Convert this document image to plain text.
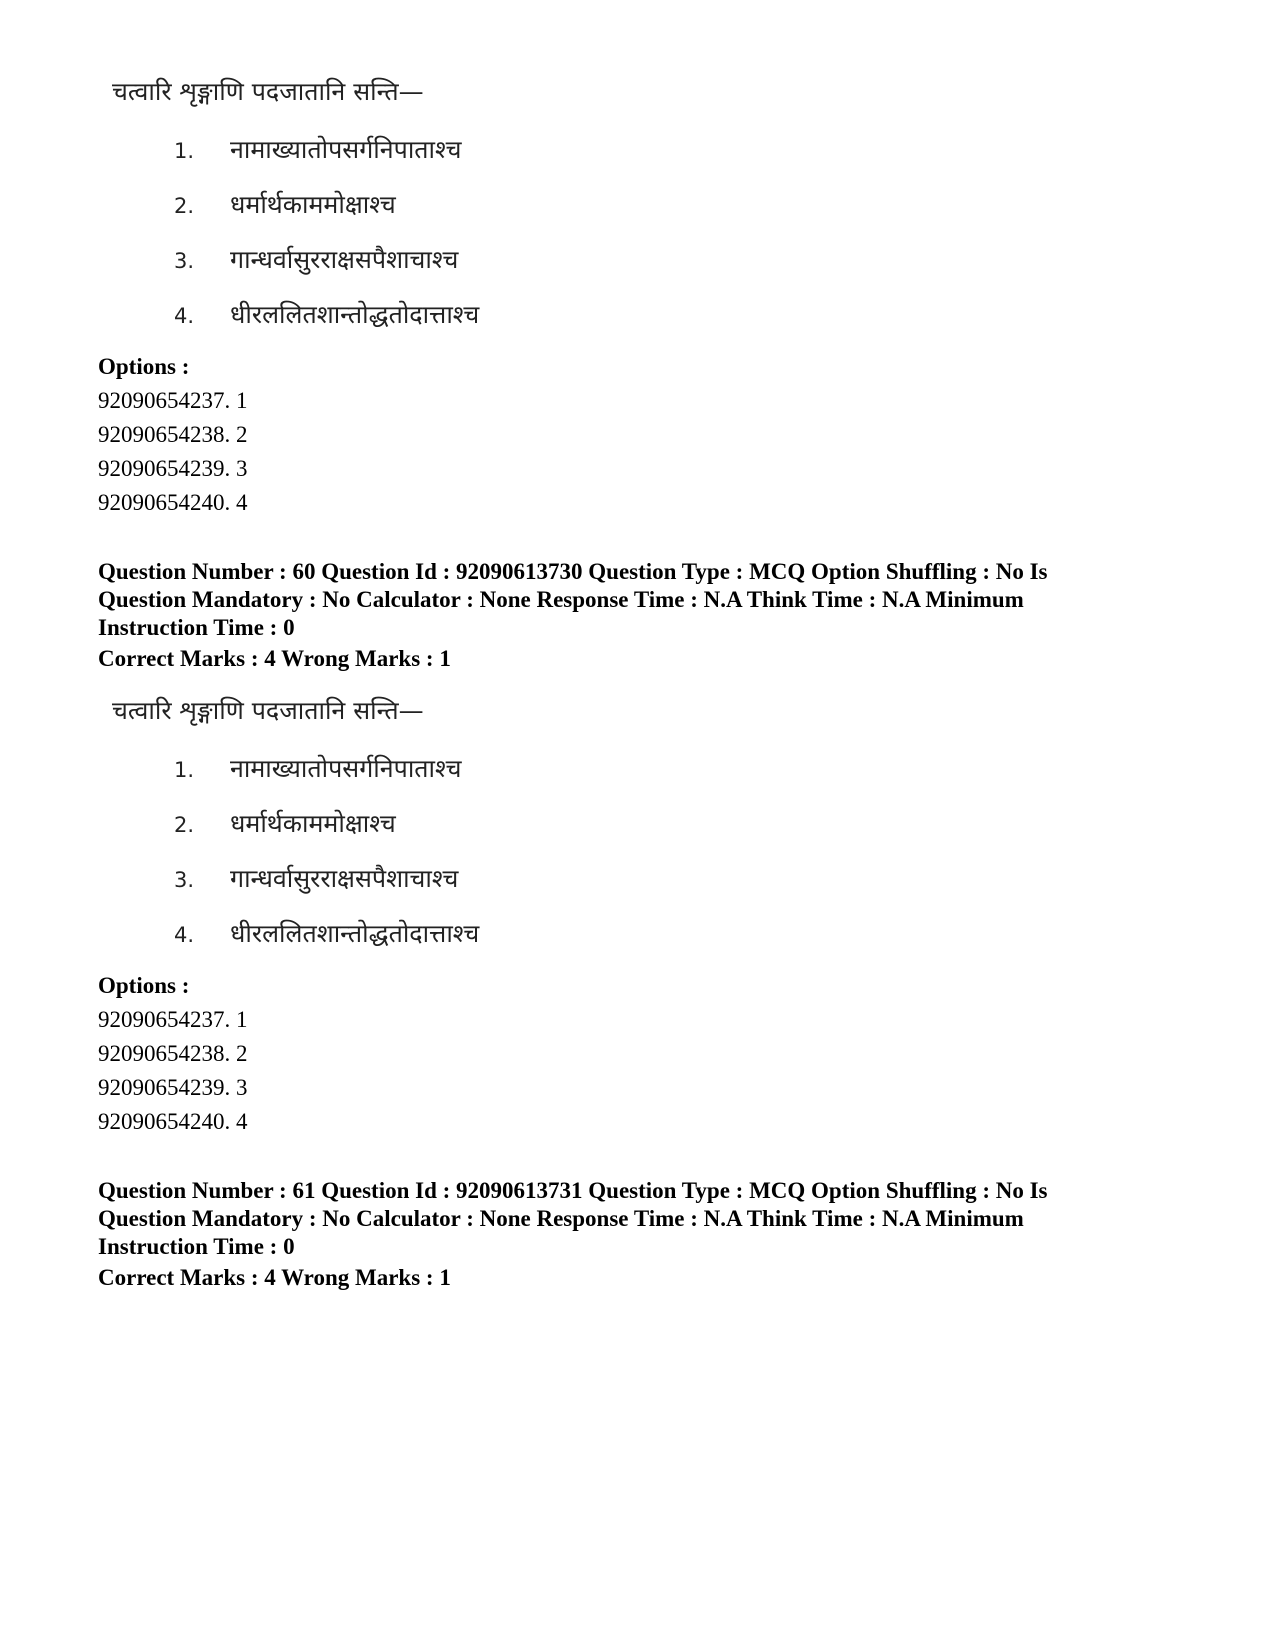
चत्वारि शृङ्गाणि पदजातानि सन्ति—
1. नामाख्यातोपसर्गनिपाताश्च
2. धर्मार्थकाममोक्षाश्च
3. गान्धर्वासुरराक्षसपैशाचाश्च
4. धीरललितशान्तोद्धतोदात्ताश्च
Options :
92090654237. 1
92090654238. 2
92090654239. 3
92090654240. 4
Question Number : 60 Question Id : 92090613730 Question Type : MCQ Option Shuffling : No Is
Question Mandatory : No Calculator : None Response Time : N.A Think Time : N.A Minimum
Instruction Time : 0
Correct Marks : 4 Wrong Marks : 1
चत्वारि शृङ्गाणि पदजातानि सन्ति—
1. नामाख्यातोपसर्गनिपाताश्च
2. धर्मार्थकाममोक्षाश्च
3. गान्धर्वासुरराक्षसपैशाचाश्च
4. धीरललितशान्तोद्धतोदात्ताश्च
Options :
92090654237. 1
92090654238. 2
92090654239. 3
92090654240. 4
Question Number : 61 Question Id : 92090613731 Question Type : MCQ Option Shuffling : No Is
Question Mandatory : No Calculator : None Response Time : N.A Think Time : N.A Minimum
Instruction Time : 0
Correct Marks : 4 Wrong Marks : 1
